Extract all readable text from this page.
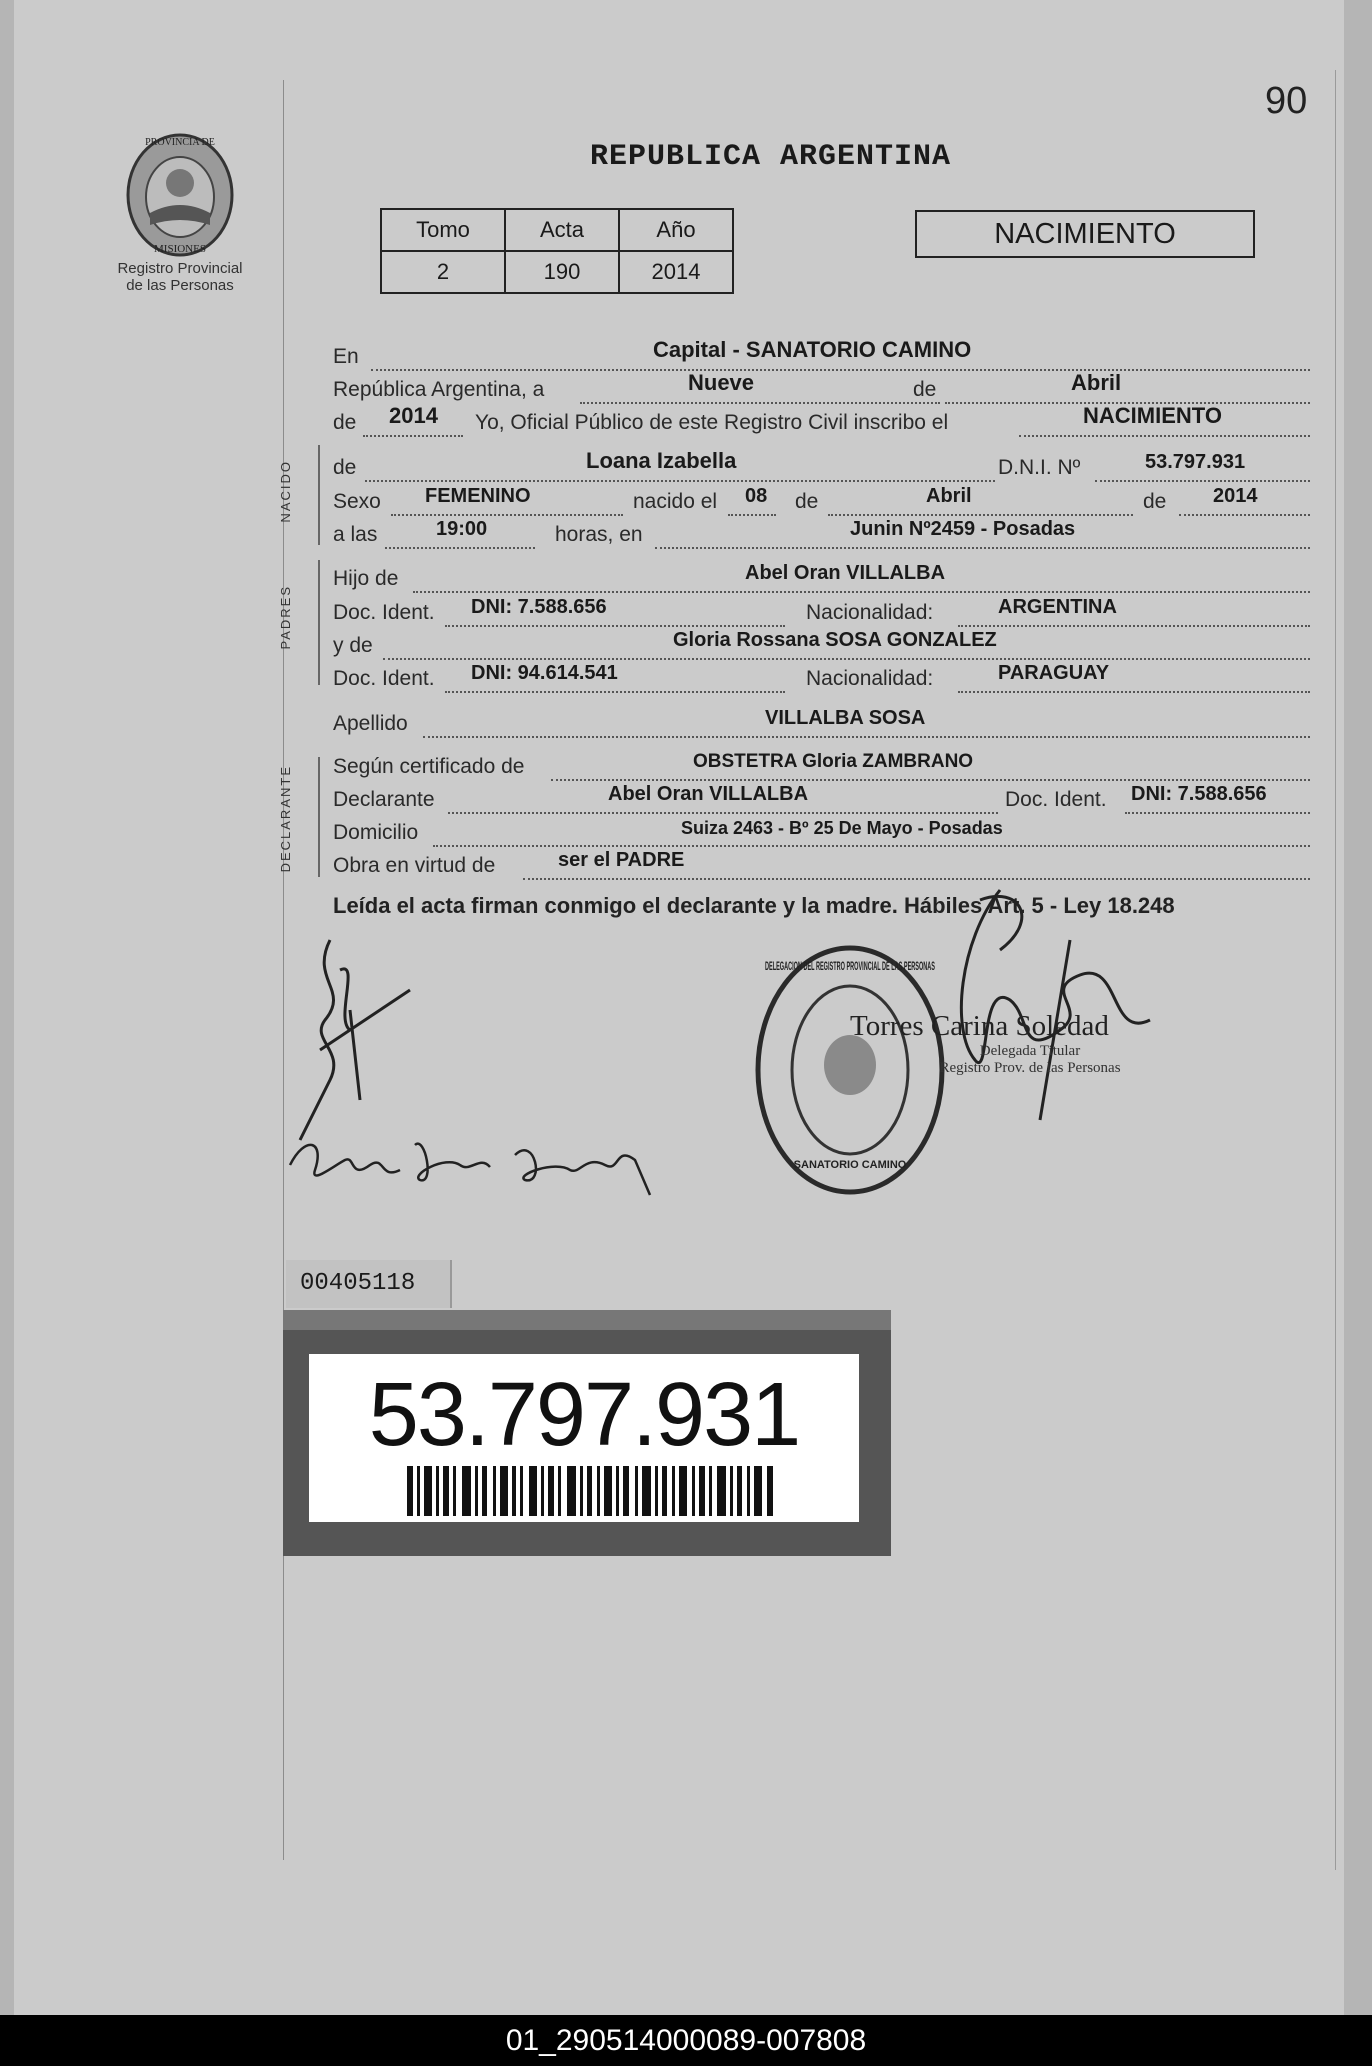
90
PROVINCIA DE
MISIONES
Registro Provincial
de las Personas
REPUBLICA ARGENTINA
Tomo	Acta	Año
2	190	2014
NACIMIENTO
En	Capital - SANATORIO CAMINO
República Argentina, a	Nueve	de	Abril
de 2014 Yo, Oficial Público de este Registro Civil inscribo el	NACIMIENTO
NACIDO de	Loana Izabella	D.N.I. Nº	53.797.931
Sexo FEMENINO	nacido el 08 de	Abril	de 2014
a las	19:00	horas, en	Junin Nº2459 - Posadas
PADRES
Hijo de	Abel Oran VILLALBA
Doc. Ident. DNI: 7.588.656	Nacionalidad:	ARGENTINA
y de	Gloria Rossana SOSA GONZALEZ
Doc. Ident. DNI: 94.614.541	Nacionalidad:	PARAGUAY
Apellido	VILLALBA SOSA
DECLARANTE Según certificado de	OBSTETRA Gloria ZAMBRANO
Declarante	Abel Oran VILLALBA	Doc. Ident. DNI: 7.588.656
Domicilio	Suiza 2463 - Bº 25 De Mayo - Posadas
Obra en virtud de	ser el PADRE
Leída el acta firman conmigo el declarante y la madre. Hábiles Art. 5 - Ley 18.248
DELEGACION DEL REGISTRO PROVINCIAL DE LAS PERSONAS
SANATORIO CAMINO
Torres Carina Soledad
Delegada Titular
Registro Prov. de las Personas
00405118
53.797.931
01_290514000089-007808
